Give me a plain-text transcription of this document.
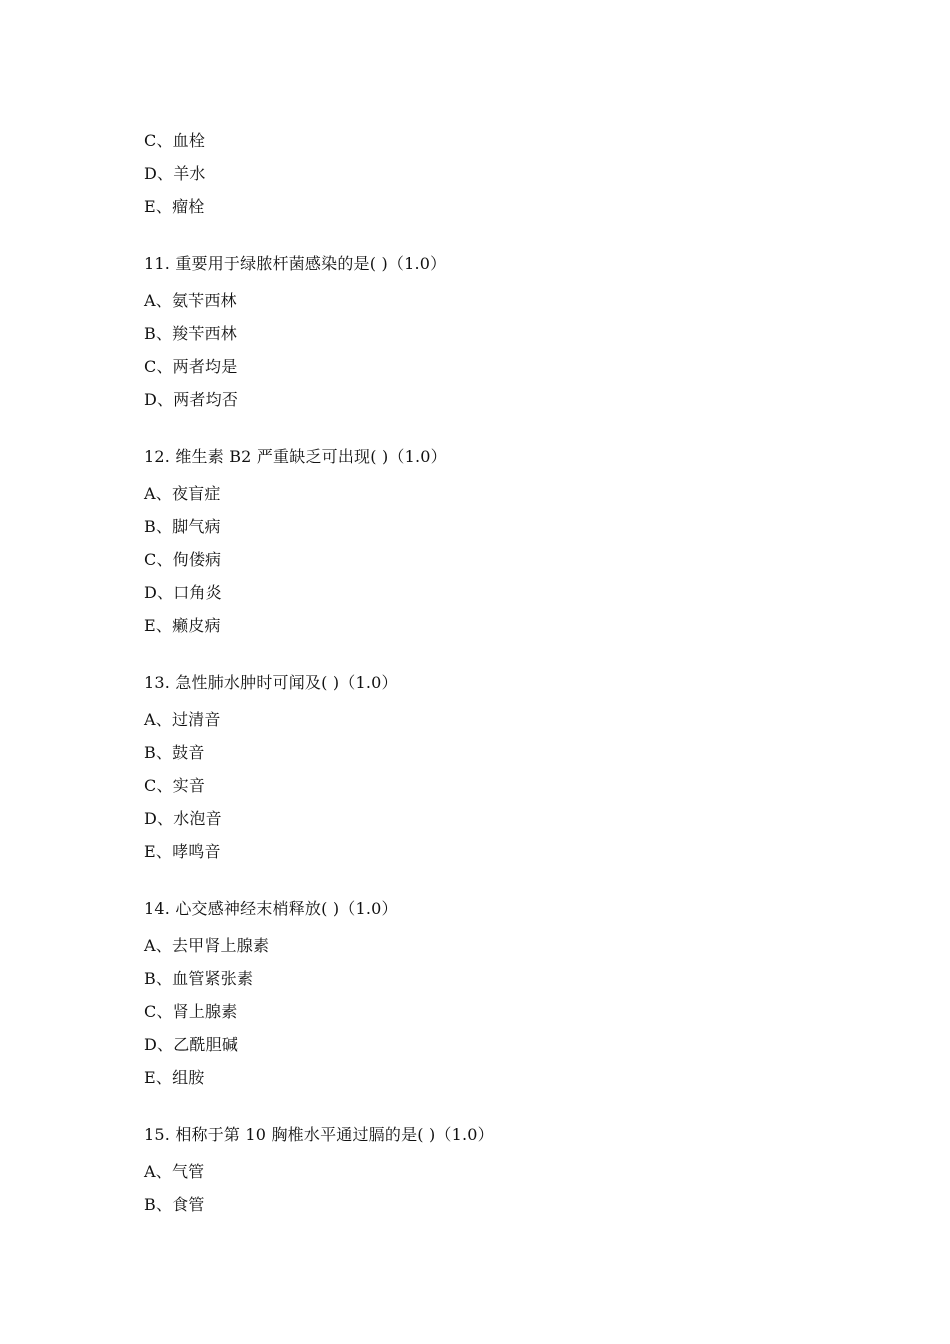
C、血栓
D、羊水
E、瘤栓
11. 重要用于绿脓杆菌感染的是( )（1.0）
A、氨苄西林
B、羧苄西林
C、两者均是
D、两者均否
12. 维生素 B2 严重缺乏可出现( )（1.0）
A、夜盲症
B、脚气病
C、佝偻病
D、口角炎
E、癞皮病
13. 急性肺水肿时可闻及( )（1.0）
A、过清音
B、鼓音
C、实音
D、水泡音
E、哮鸣音
14. 心交感神经末梢释放( )（1.0）
A、去甲肾上腺素
B、血管紧张素
C、肾上腺素
D、乙酰胆碱
E、组胺
15. 相称于第 10 胸椎水平通过膈的是( )（1.0）
A、气管
B、食管
